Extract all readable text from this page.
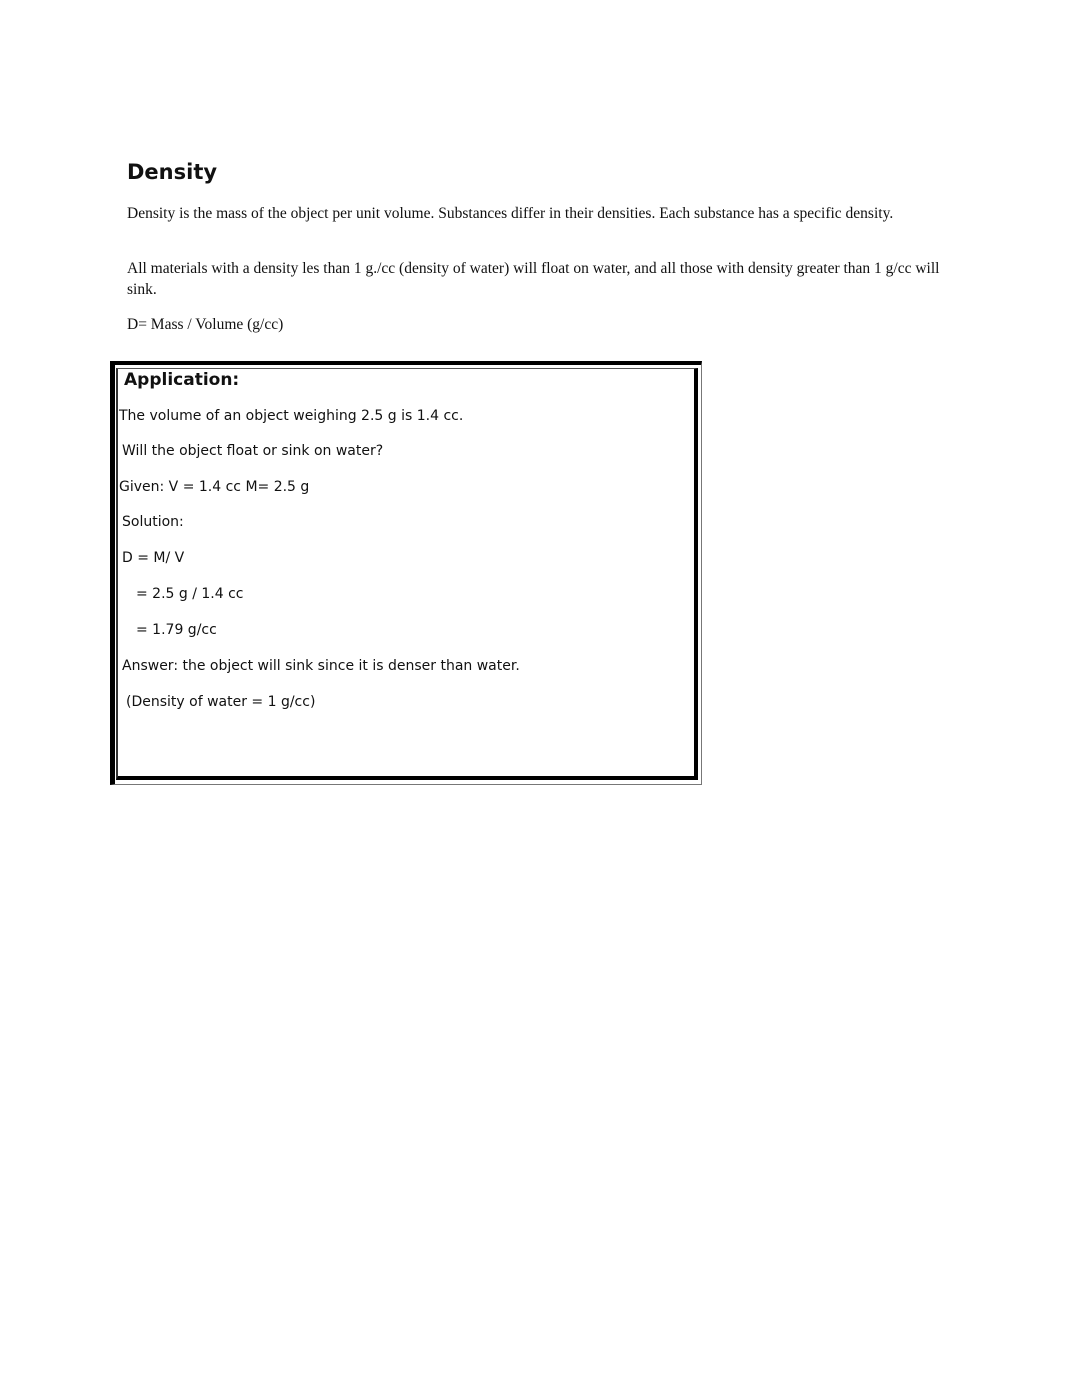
Density

Density is the mass of the object per unit volume. Substances differ in their densities. Each substance has a specific density.

All materials with a density les than 1 g./cc (density of water) will float on water, and all those with density greater than 1 g/cc will sink.

D= Mass / Volume (g/cc)

Application:

The volume of an object weighing 2.5 g is 1.4 cc.

Will the object float or sink on water?

Given: V = 1.4 cc M= 2.5 g

Solution:

D = M/ V

= 2.5 g / 1.4 cc

= 1.79 g/cc

Answer: the object will sink since it is denser than water.

(Density of water = 1 g/cc)
